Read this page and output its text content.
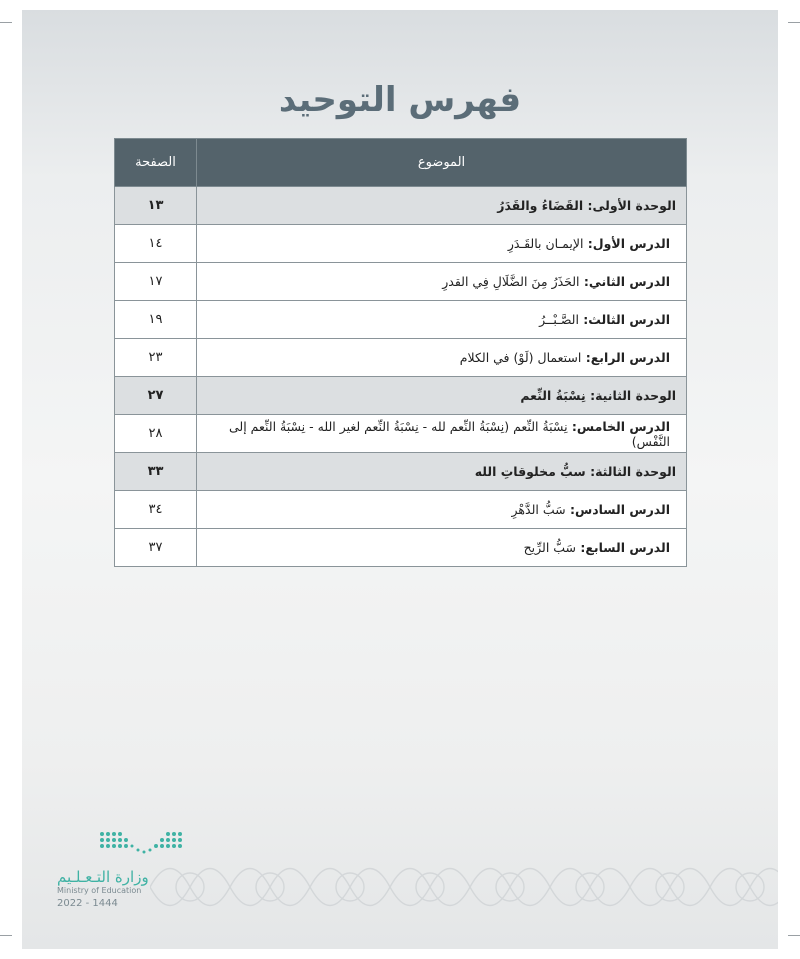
فهرس التوحيد
الموضوع	الصفحة
الوحدة الأولى: القَضَاءُ والقَدَرُ	١٣
الدرس الأول: الإيمـان بالقَـدَرِ	١٤
الدرس الثاني: الحَذَرُ مِنَ الضَّلَالِ فِي القدرِ	١٧
الدرس الثالث: الصَّـبْــرُ	١٩
الدرس الرابع: استعمال (لَوْ) في الكلام	٢٣
الوحدة الثانية: نِسْبَةُ النِّعم	٢٧
الدرس الخامس: نِسْبَةُ النِّعم (نِسْبَةُ النِّعم لله - نِسْبَةُ النِّعم لغير الله - نِسْبَةُ النِّعم إلى النَّفْس)	٢٨
الوحدة الثالثة: سبُّ مخلوقاتِ الله	٣٣
الدرس السادس: سَبُّ الدَّهْرِ	٣٤
الدرس السابع: سَبُّ الرِّيح	٣٧
وزارة التـعـلـيم
Ministry of Education
2022 - 1444
